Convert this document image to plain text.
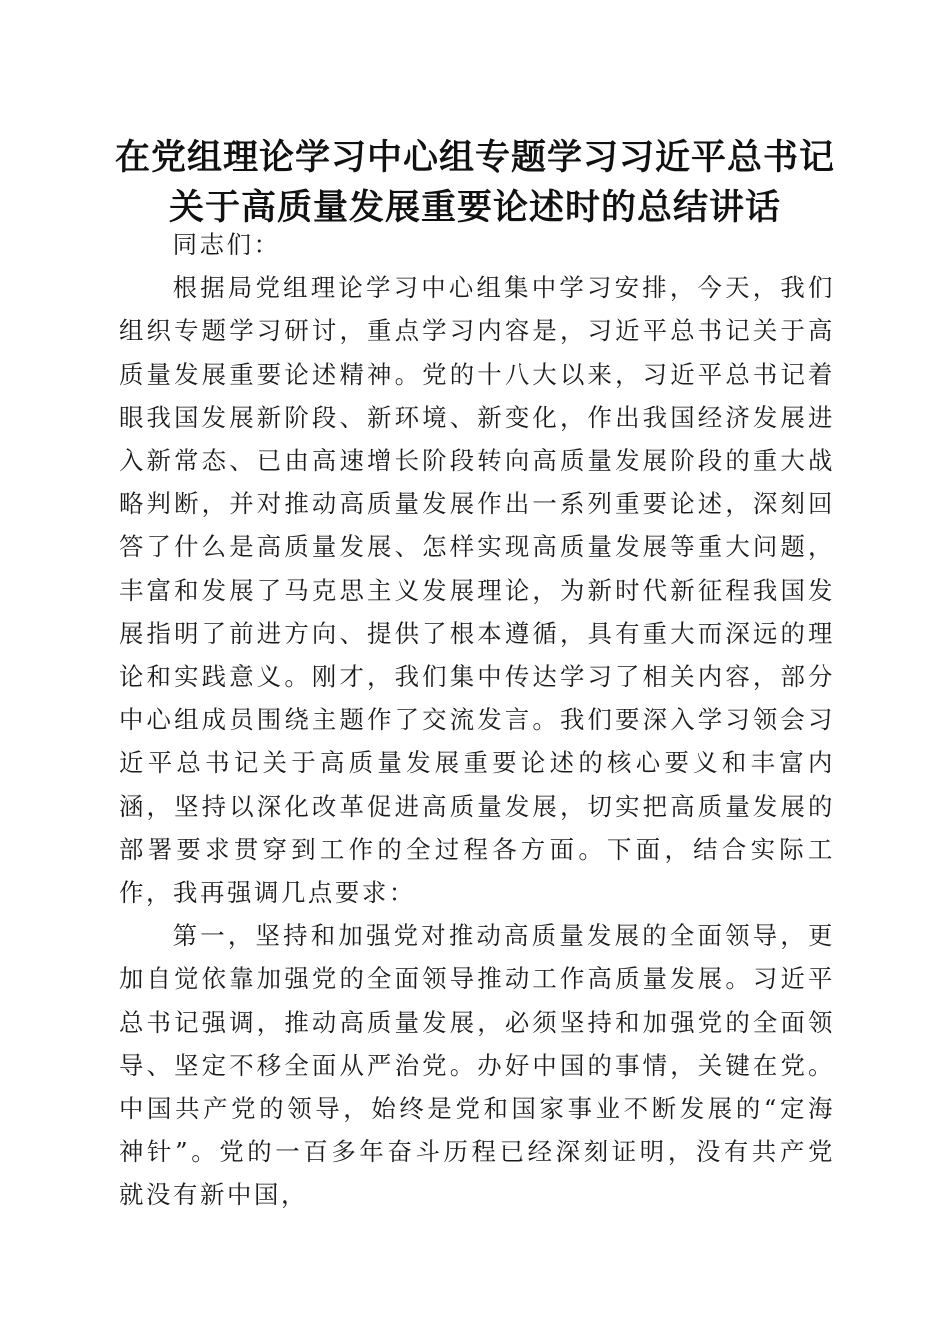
在党组理论学习中心组专题学习习近平总书记
关于高质量发展重要论述时的总结讲话

同志们：

根据局党组理论学习中心组集中学习安排，今天，我们组织专题学习研讨，重点学习内容是，习近平总书记关于高质量发展重要论述精神。党的十八大以来，习近平总书记着眼我国发展新阶段、新环境、新变化，作出我国经济发展进入新常态、已由高速增长阶段转向高质量发展阶段的重大战略判断，并对推动高质量发展作出一系列重要论述，深刻回答了什么是高质量发展、怎样实现高质量发展等重大问题，丰富和发展了马克思主义发展理论，为新时代新征程我国发展指明了前进方向、提供了根本遵循，具有重大而深远的理论和实践意义。刚才，我们集中传达学习了相关内容，部分中心组成员围绕主题作了交流发言。我们要深入学习领会习近平总书记关于高质量发展重要论述的核心要义和丰富内涵，坚持以深化改革促进高质量发展，切实把高质量发展的部署要求贯穿到工作的全过程各方面。下面，结合实际工作，我再强调几点要求：

第一，坚持和加强党对推动高质量发展的全面领导，更加自觉依靠加强党的全面领导推动工作高质量发展。习近平总书记强调，推动高质量发展，必须坚持和加强党的全面领导、坚定不移全面从严治党。办好中国的事情，关键在党。中国共产党的领导，始终是党和国家事业不断发展的“定海神针”。党的一百多年奋斗历程已经深刻证明，没有共产党就没有新中国，
